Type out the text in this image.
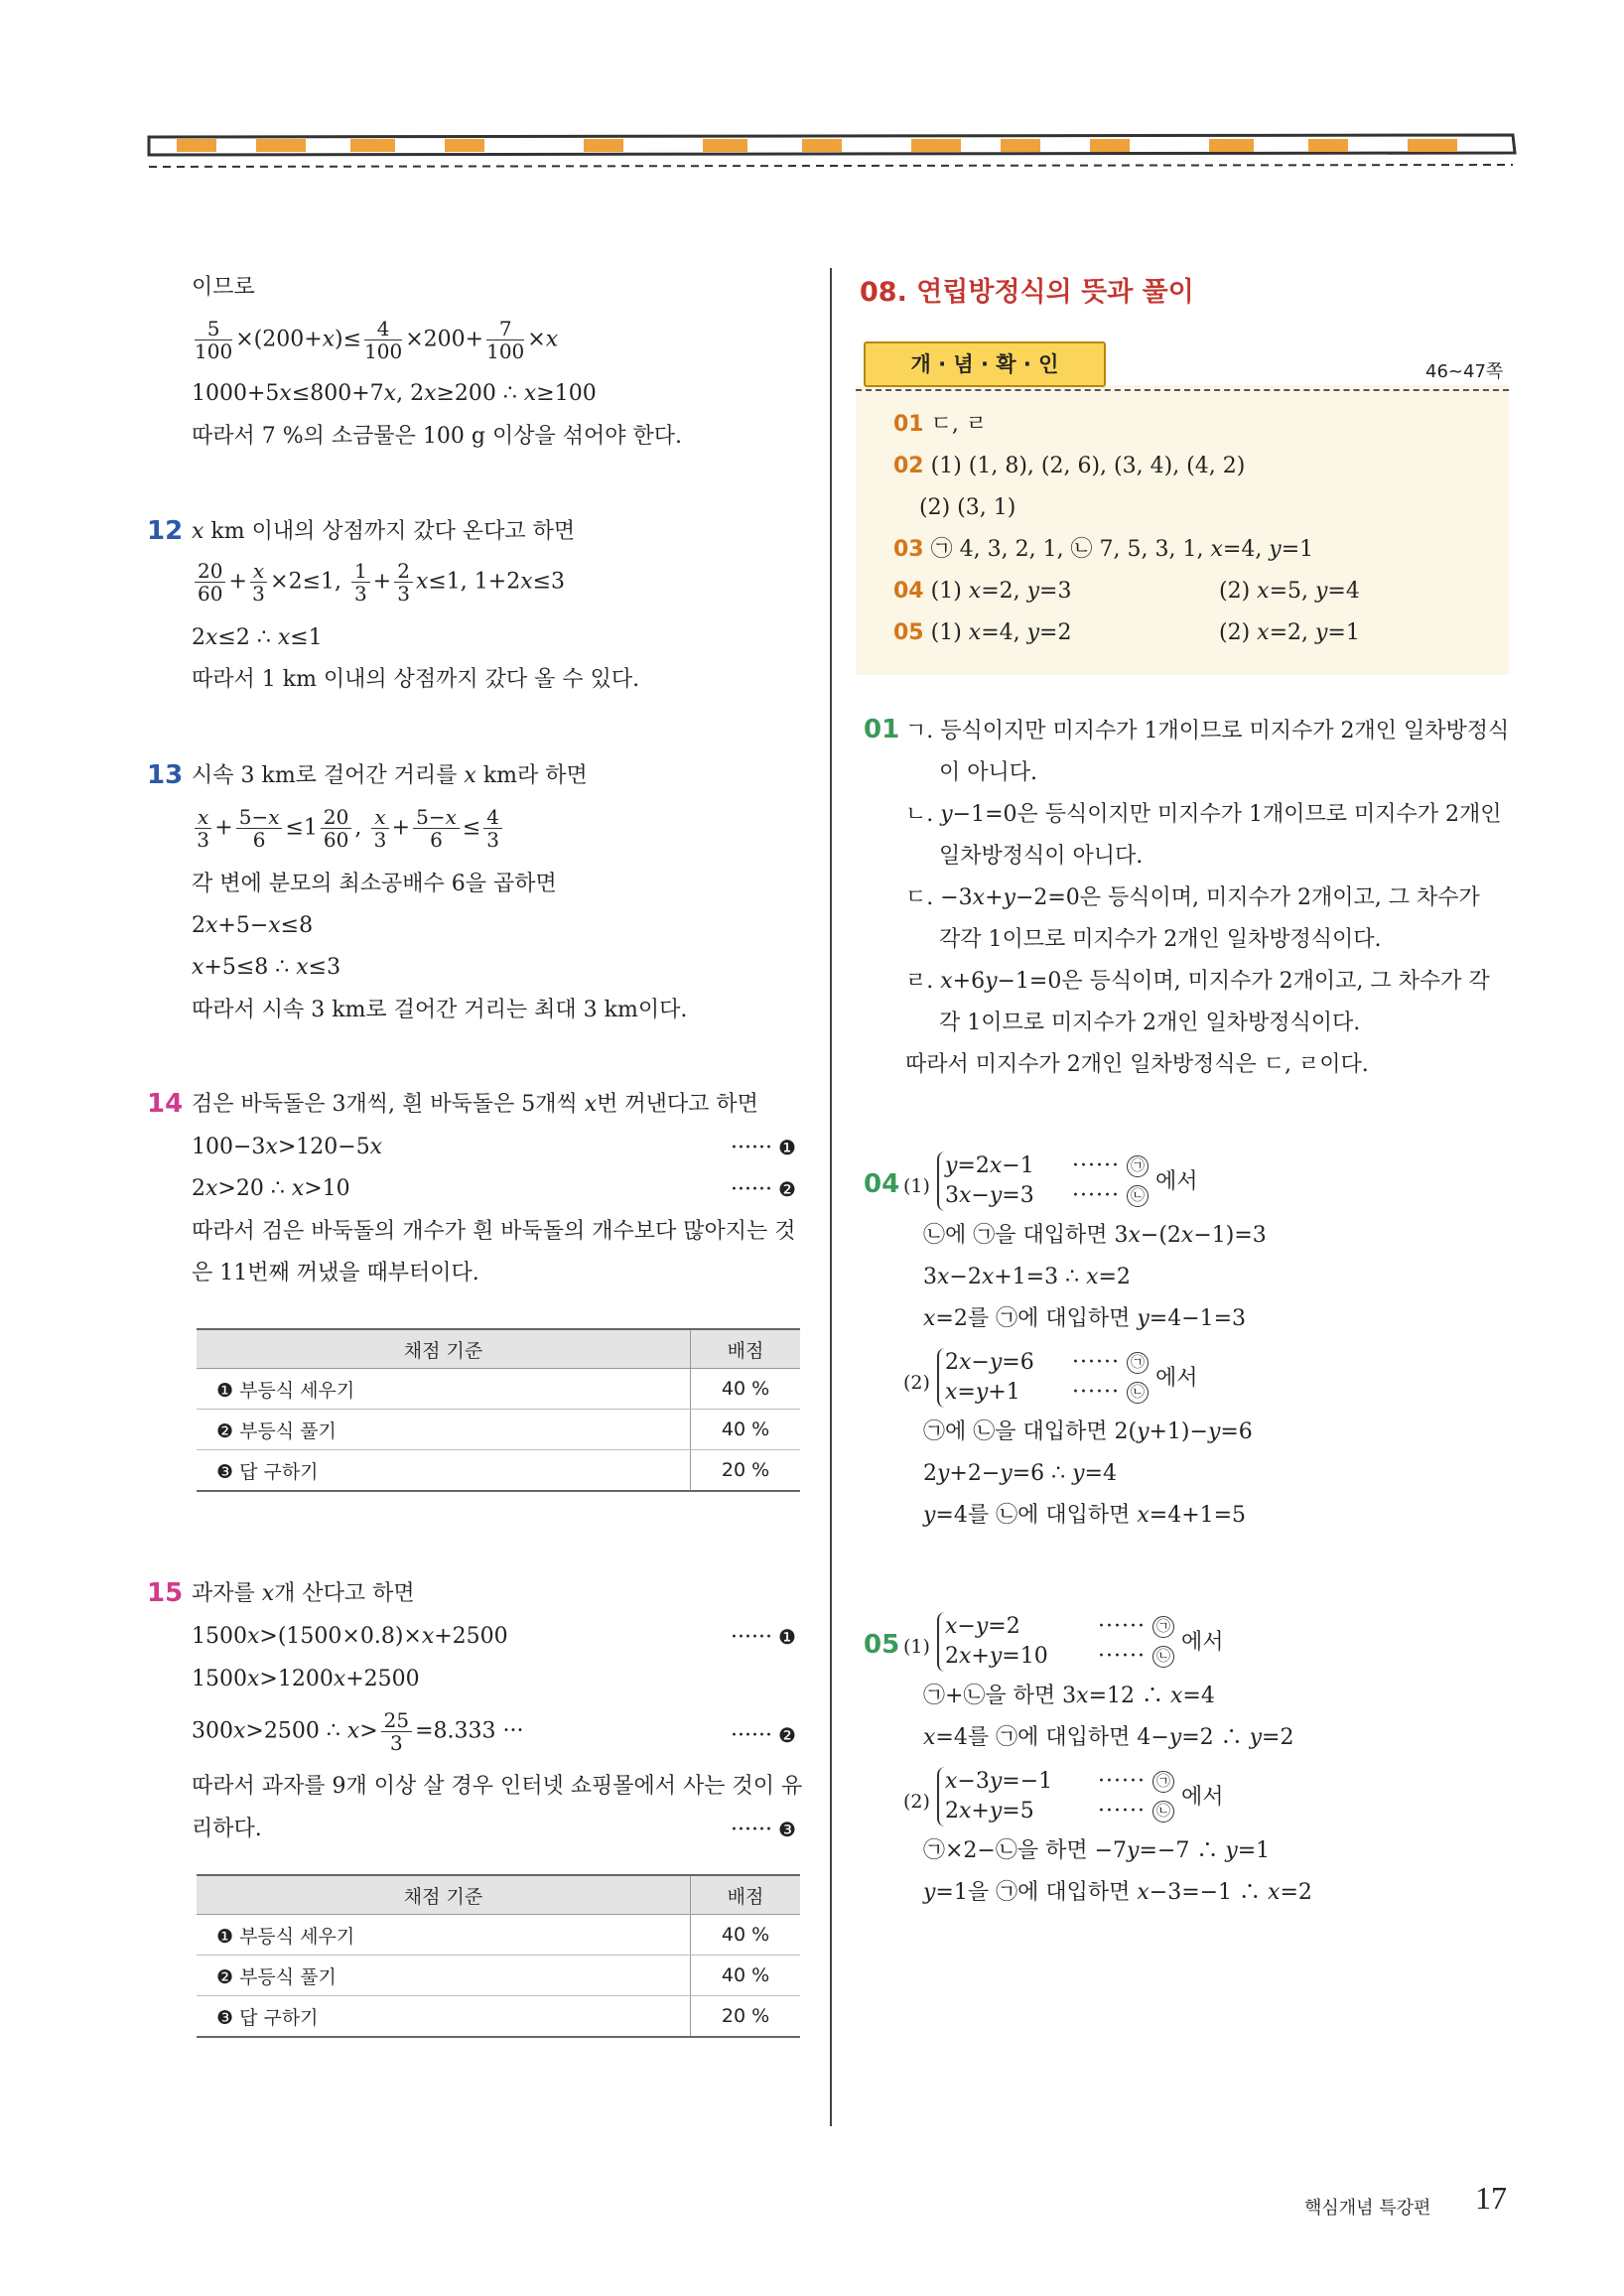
이므로
$\frac{5}{100}$ ×(200+𝑥)≤ $\frac{4}{100} \times 200+ \frac{7}{100}$ ×𝑥
1000+5𝑥≤800+7𝑥, 2𝑥≥200 ∴ 𝑥≥100
따라서 7 %의 소금물은 100 g 이상을 섞어야 한다.
12 𝑥 km 이내의 상점까지 갔다 온다고 하면
$\frac{20}{60} + \frac{\text{𝑥}}{3} \times 2\le 1$, $\frac{1}{3} + \frac{2}{3}$ 𝑥≤1, 1+2𝑥≤3
2𝑥≤2 ∴ 𝑥≤1
따라서 1 km 이내의 상점까지 갔다 올 수 있다.
13 시속 3 km로 걸어간 거리를 𝑥 km라 하면
$\frac{\text{𝑥}}{3} + \frac{\text{5−𝑥}}{6} \le 1 \frac{20}{60}$ , $\frac{\text{𝑥}}{3} + \frac{\text{5−𝑥}}{6} \le \frac{4}{3}$
각 변에 분모의 최소공배수 6을 곱하면
2𝑥+5−𝑥≤8
𝑥+5≤8 ∴ 𝑥≤3
따라서 시속 3 km로 걸어간 거리는 최대 3 km이다.
14 검은 바둑돌은 3개씩, 흰 바둑돌은 5개씩 𝑥번 꺼낸다고 하면
100−3𝑥>120−5𝑥	······ ❶
2𝑥>20 ∴ 𝑥>10	······ ❷
따라서 검은 바둑돌의 개수가 흰 바둑돌의 개수보다 많아지는 것
은 11번째 꺼냈을 때부터이다.
채점 기준	배점
❶ 부등식 세우기	40 %
❷ 부등식 풀기	40 %
❸ 답 구하기	20 %
15 과자를 𝑥개 산다고 하면
1500𝑥>(1500×0.8)×𝑥+2500	······ ❶
1500𝑥>1200𝑥+2500
300𝑥>2500 ∴ 𝑥> $\frac{25}{3} =8.333$ ···	······ ❷
따라서 과자를 9개 이상 살 경우 인터넷 쇼핑몰에서 사는 것이 유
리하다.	······ ❸
채점 기준	배점
❶ 부등식 세우기	40 %
❷ 부등식 풀기	40 %
❸ 답 구하기	20 %
08. 연립방정식의 뜻과 풀이
개 · 념 · 확 · 인	46~47쪽
01 ㄷ, ㄹ
02 (1) (1, 8), (2, 6), (3, 4), (4, 2)
(2) (3, 1)
03 ㉠ 4, 3, 2, 1, ㉡ 7, 5, 3, 1, 𝑥=4, 𝑦=1
04 (1) 𝑥=2, 𝑦=3	(2) 𝑥=5, 𝑦=4
05 (1) 𝑥=4, 𝑦=2	(2) 𝑥=2, 𝑦=1
01 ㄱ. 등식이지만 미지수가 1개이므로 미지수가 2개인 일차방정식
이 아니다.
ㄴ. 𝑦−1=0은 등식이지만 미지수가 1개이므로 미지수가 2개인
일차방정식이 아니다.
ㄷ. −3𝑥+𝑦−2=0은 등식이며, 미지수가 2개이고, 그 차수가
각각 1이므로 미지수가 2개인 일차방정식이다.
ㄹ. 𝑥+6𝑦−1=0은 등식이며, 미지수가 2개이고, 그 차수가 각
각 1이므로 미지수가 2개인 일차방정식이다.
따라서 미지수가 2개인 일차방정식은 ㄷ, ㄹ이다.
04 (1)
𝑦=2𝑥−1
3𝑥−𝑦=3
······ ㉠
······ ㉡
에서
㉡에 ㉠을 대입하면 3𝑥−(2𝑥−1)=3
3𝑥−2𝑥+1=3 ∴ 𝑥=2
𝑥=2를 ㉠에 대입하면 𝑦=4−1=3
(2)
2𝑥−𝑦=6
𝑥=𝑦+1
······ ㉠
······ ㉡
에서
㉠에 ㉡을 대입하면 2(𝑦+1)−𝑦=6
2𝑦+2−𝑦=6 ∴ 𝑦=4
𝑦=4를 ㉡에 대입하면 𝑥=4+1=5
05 (1)
𝑥−𝑦=2
2𝑥+𝑦=10
······ ㉠
······ ㉡
에서
㉠+㉡을 하면 3𝑥=12 ∴ 𝑥=4
𝑥=4를 ㉠에 대입하면 4−𝑦=2 ∴ 𝑦=2
(2)
𝑥−3𝑦=−1
2𝑥+𝑦=5
······ ㉠
······ ㉡
에서
㉠×2−㉡을 하면 −7𝑦=−7 ∴ 𝑦=1
𝑦=1을 ㉠에 대입하면 𝑥−3=−1 ∴ 𝑥=2
핵심개념 특강편 17
